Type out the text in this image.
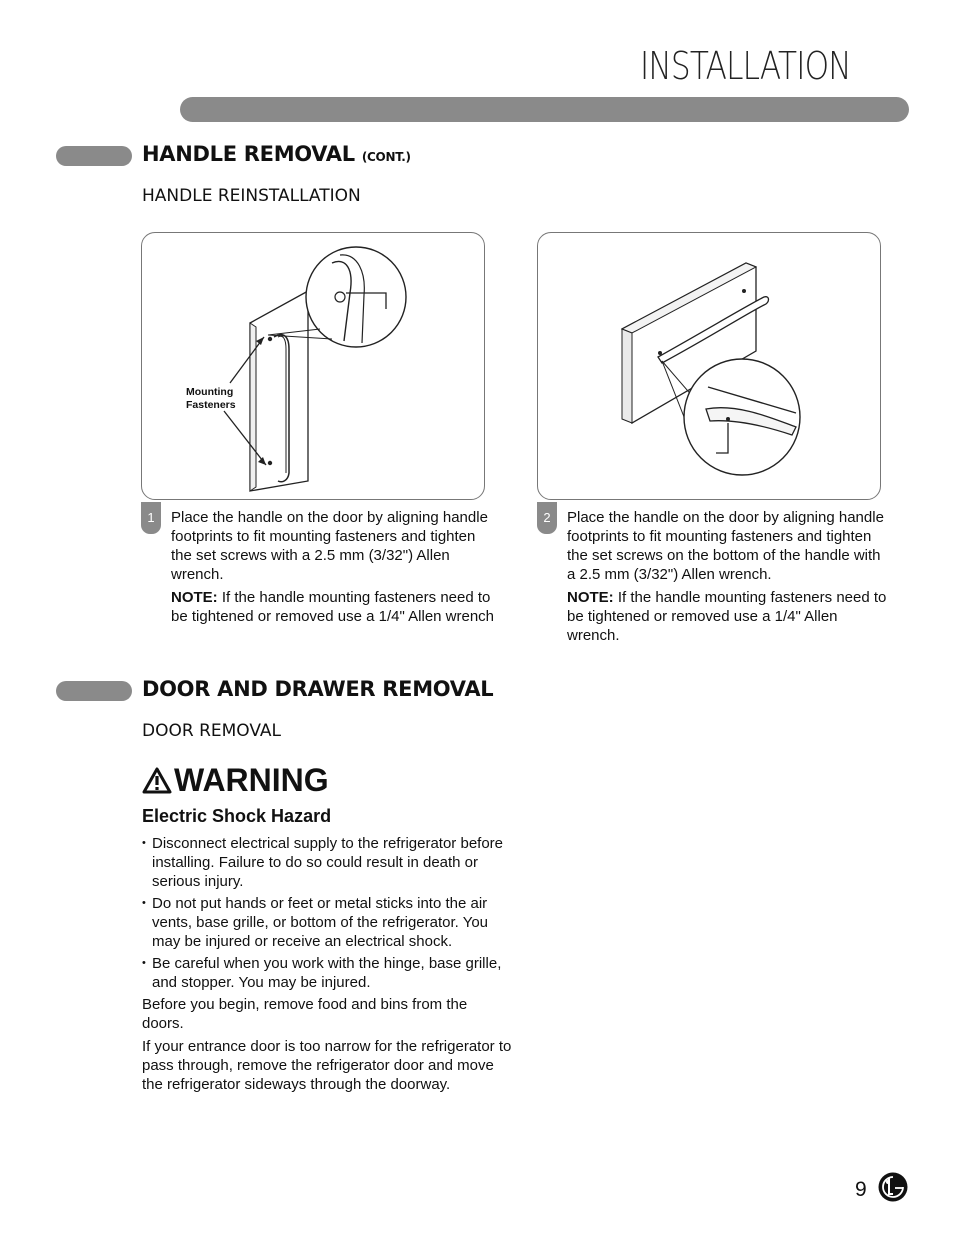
INSTALLATION
HANDLE REMOVAL (CONT.)
HANDLE REINSTALLATION
Mounting
Fasteners
1	Place the handle on the door by aligning handle footprints to fit mounting fasteners and tighten the set screws with a 2.5 mm (3/32") Allen wrench.

NOTE: If the handle mounting fasteners need to be tightened or removed use a 1/4" Allen wrench

2	Place the handle on the door by aligning handle footprints to fit mounting fasteners and tighten the set screws on the bottom of the handle with a 2.5 mm (3/32") Allen wrench.

NOTE: If the handle mounting fasteners need to be tightened or removed use a 1/4" Allen wrench.

DOOR AND DRAWER REMOVAL
DOOR REMOVAL
WARNING
Electric Shock Hazard
• Disconnect electrical supply to the refrigerator before installing. Failure to do so could result in death or serious injury.
• Do not put hands or feet or metal sticks into the air vents, base grille, or bottom of the refrigerator. You may be injured or receive an electrical shock.
• Be careful when you work with the hinge, base grille, and stopper. You may be injured.

Before you begin, remove food and bins from the doors.

If your entrance door is too narrow for the refrigerator to pass through, remove the refrigerator door and move the refrigerator sideways through the doorway.

9
